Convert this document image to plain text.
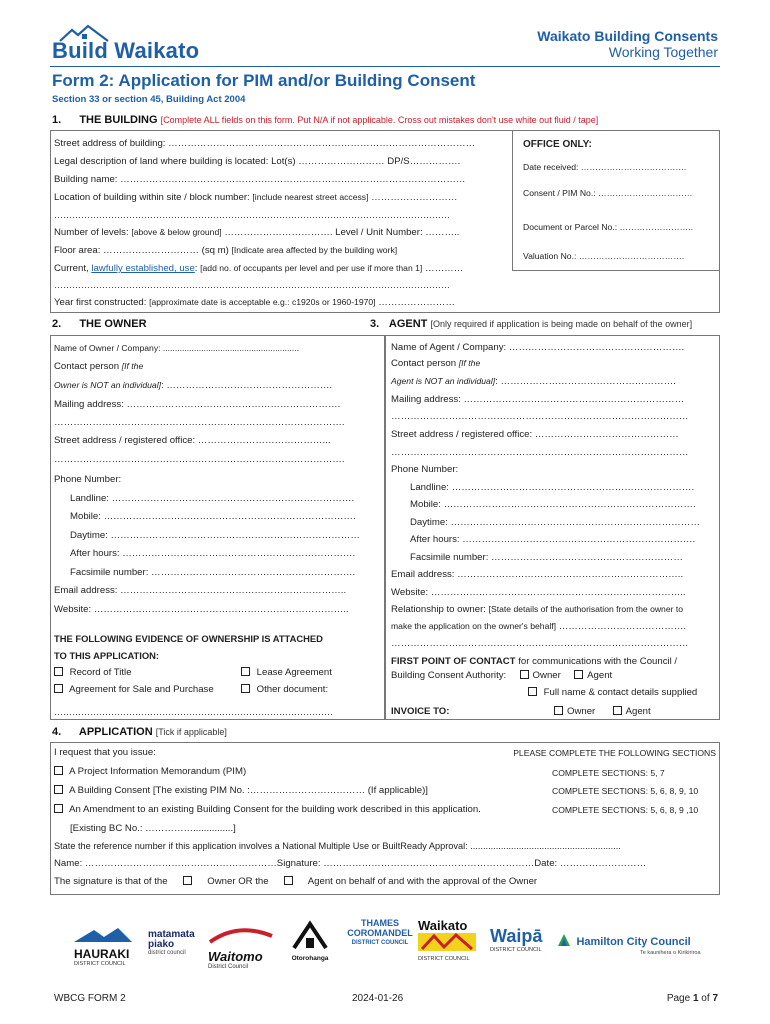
Build Waikato
Waikato Building Consents
Working Together
Form 2: Application for PIM and/or Building Consent
Section 33 or section 45, Building Act 2004
1. THE BUILDING [Complete ALL fields on this form. Put N/A if not applicable. Cross out mistakes don't use white out fluid / tape]
Street address of building: ……………………………………………………………………………………
Legal description of land where building is located: Lot(s) ……………………… DP/S…………….
Building name: ………………………………………………………………………………………………
Location of building within site / block number: [include nearest street access] ………………………
……………………………………………………………………………………………………………………
Number of levels: [above & below ground] ……………………………. Level / Unit Number: ………..
Floor area: ………………………… (sq m) [Indicate area affected by the building work]
Current, lawfully established, use: [add no. of occupants per level and per use if more than 1] …………
……………………………………………………………………………………………………………………
Year first constructed: [approximate date is acceptable e.g.: c1920s or 1960-1970] ……………………
OFFICE ONLY:
Date received: ……………………………….
Consent / PIM No.: ……………………………
Document or Parcel No.: ……………………..
Valuation No.: ……………………………….
2. THE OWNER	3. AGENT [Only required if application is being made on behalf of the owner]
Name of Owner / Company: .........................................................
Contact person [If the
Owner is NOT an individual]: …………………………………………….
Mailing address: ………………………………………………………….
……………………………………………………………………………….
Street address / registered office: …………………………………...
……………………………………………………………………………….
Phone Number:
Landline: ………………………………………………………………….
Mobile: …………………………………………………………………….
Daytime: ……………………………………………………………………
After hours: ……………………………………………………………….
Facsimile number: ……………………………………………………….
Email address: ……………………………………………………………..
Website: ……………………………………………………………………..
THE FOLLOWING EVIDENCE OF OWNERSHIP IS ATTACHED
TO THIS APPLICATION:
Record of Title	Lease Agreement
Agreement for Sale and Purchase	Other document:
…………………………………………………………………………………
Name of Agent / Company: ……………………………………………….
Contact person [If the
Agent is NOT an individual]: ……………………………………………….
Mailing address: ……………………………………………………………
…………………………………………………………………………………
Street address / registered office: ………………………………………
…………………………………………………………………………………
Phone Number:
Landline: ………………………………………………………………….
Mobile: …………………………………………………………………….
Daytime: ……………………………………………………………………
After hours: ……………………………………………………………….
Facsimile number: ……………………………………………………
Email address: ……………………………………………………………..
Website: ……………………………………………………………………..
Relationship to owner: [State details of the authorisation from the owner to
make the application on the owner's behalf] ………………………………….
…………………………………………………………………………………
FIRST POINT OF CONTACT for communications with the Council /
Building Consent Authority:	Owner	Agent
Full name & contact details supplied
INVOICE TO:	Owner	Agent
4. APPLICATION [Tick if applicable]
I request that you issue:	PLEASE COMPLETE THE FOLLOWING SECTIONS
A Project Information Memorandum (PIM)	COMPLETE SECTIONS: 5, 7
A Building Consent [The existing PIM No. :……………………………… (If applicable)]	COMPLETE SECTIONS: 5, 6, 8, 9, 10
An Amendment to an existing Building Consent for the building work described in this application.	COMPLETE SECTIONS: 5, 6, 8, 9 ,10
[Existing BC No.: ……………...............]
State the reference number if this application involves a National Multiple Use or BuiltReady Approval: ...........................................................
Name: ……………………………………………………Signature: …………………………………………………………Date: ………………………
The signature is that of the	Owner OR the	Agent on behalf of and with the approval of the Owner
HAURAKI
DISTRICT COUNCIL
matamata piako
district council	Waitomo
District Council
Otorohanga
THAMES COROMANDEL
DISTRICT COUNCIL
Waikato
DISTRICT COUNCIL
Waipā
DISTRICT COUNCIL
Hamilton City Council
Te kaunihera o Kirikiriroa
WBCG FORM 2	2024-01-26	Page 1 of 7
